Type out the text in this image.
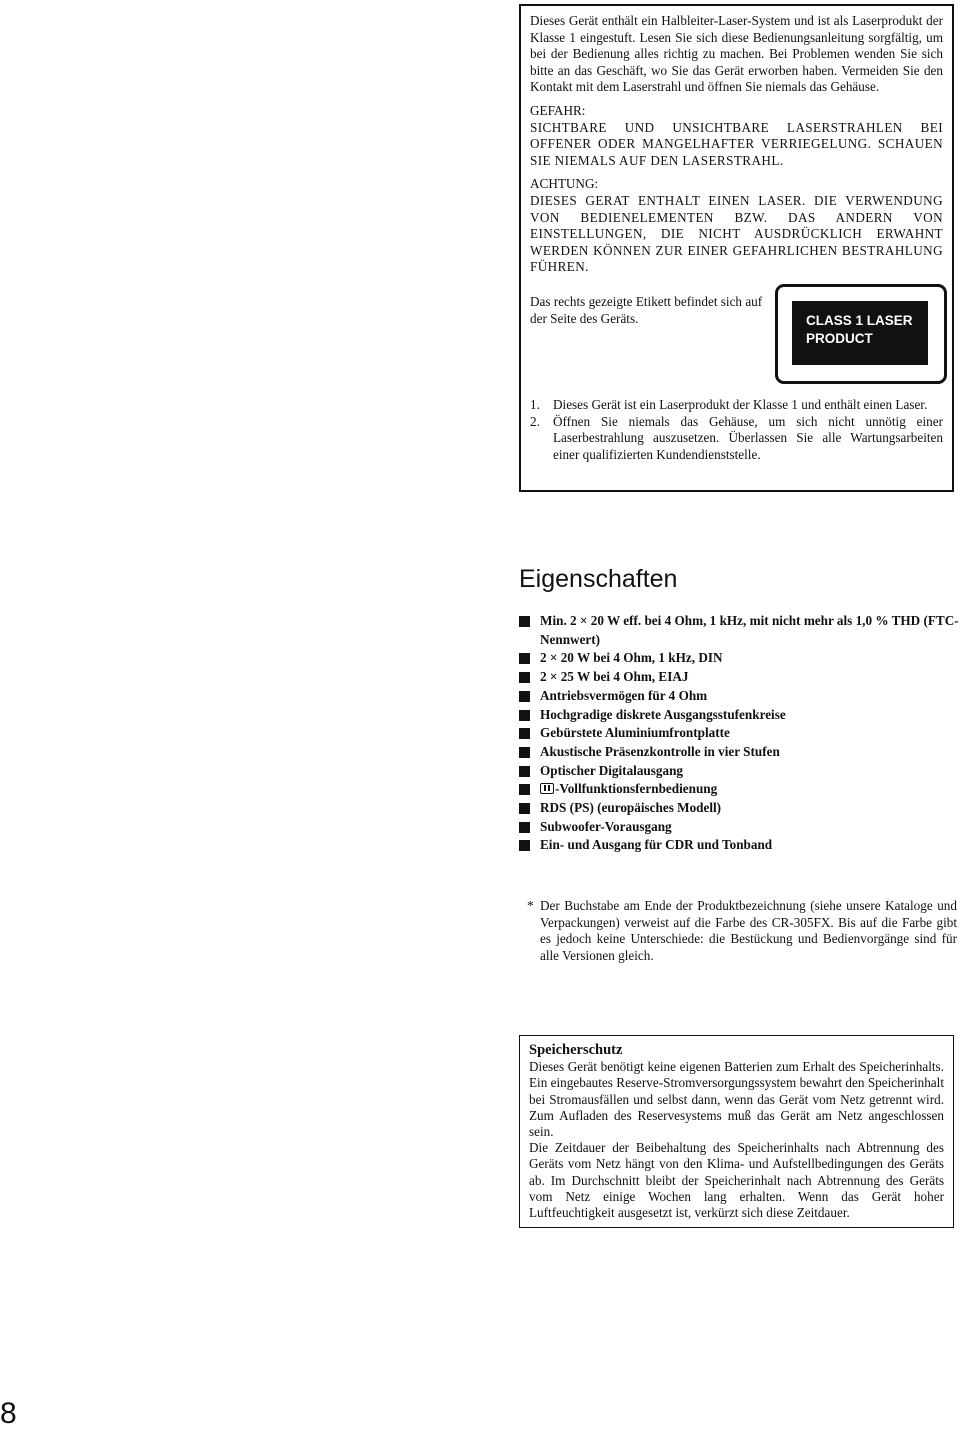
Dieses Gerät enthält ein Halbleiter-Laser-System und ist als Laserprodukt der Klasse 1 eingestuft. Lesen Sie sich diese Bedienungsanleitung sorgfältig, um bei der Bedienung alles richtig zu machen. Bei Problemen wenden Sie sich bitte an das Geschäft, wo Sie das Gerät erworben haben. Vermeiden Sie den Kontakt mit dem Laserstrahl und öffnen Sie niemals das Gehäuse.

GEFAHR:

SICHTBARE UND UNSICHTBARE LASERSTRAHLEN BEI OFFENER ODER MANGELHAFTER VERRIEGELUNG. SCHAUEN SIE NIEMALS AUF DEN LASERSTRAHL.

ACHTUNG:

DIESES GERAT ENTHALT EINEN LASER. DIE VERWENDUNG VON BEDIENELEMENTEN BZW. DAS ANDERN VON EINSTELLUNGEN, DIE NICHT AUSDRÜCKLICH ERWAHNT WERDEN KÖNNEN ZUR EINER GEFAHRLICHEN BESTRAHLUNG FÜHREN.

Das rechts gezeigte Etikett befindet sich auf der Seite des Geräts.	CLASS 1 LASER
PRODUCT
1. Dieses Gerät ist ein Laserprodukt der Klasse 1 und enthält einen Laser.
2. Öffnen Sie niemals das Gehäuse, um sich nicht unnötig einer Laserbestrahlung auszusetzen. Überlassen Sie alle Wartungsarbeiten einer qualifizierten Kundendienststelle.
Eigenschaften
Min. 2 × 20 W eff. bei 4 Ohm, 1 kHz, mit nicht mehr als 1,0 % THD (FTC-Nennwert)
2 × 20 W bei 4 Ohm, 1 kHz, DIN
2 × 25 W bei 4 Ohm, EIAJ
Antriebsvermögen für 4 Ohm
Hochgradige diskrete Ausgangsstufenkreise
Gebürstete Aluminiumfrontplatte
Akustische Präsenzkontrolle in vier Stufen
Optischer Digitalausgang
-Vollfunktionsfernbedienung
RDS (PS) (europäisches Modell)
Subwoofer-Vorausgang
Ein- und Ausgang für CDR und Tonband
* Der Buchstabe am Ende der Produktbezeichnung (siehe unsere Kataloge und Verpackungen) verweist auf die Farbe des CR-305FX. Bis auf die Farbe gibt es jedoch keine Unterschiede: die Bestückung und Bedienvorgänge sind für alle Versionen gleich.
Speicherschutz

Dieses Gerät benötigt keine eigenen Batterien zum Erhalt des Speicherinhalts. Ein eingebautes Reserve-Stromversorgungssystem bewahrt den Speicherinhalt bei Stromausfällen und selbst dann, wenn das Gerät vom Netz getrennt wird. Zum Aufladen des Reservesystems muß das Gerät am Netz angeschlossen sein.

Die Zeitdauer der Beibehaltung des Speicherinhalts nach Abtrennung des Geräts vom Netz hängt von den Klima- und Aufstellbedingungen des Geräts ab. Im Durchschnitt bleibt der Speicherinhalt nach Abtrennung des Geräts vom Netz einige Wochen lang erhalten. Wenn das Gerät hoher Luftfeuchtigkeit ausgesetzt ist, verkürzt sich diese Zeitdauer.

8
